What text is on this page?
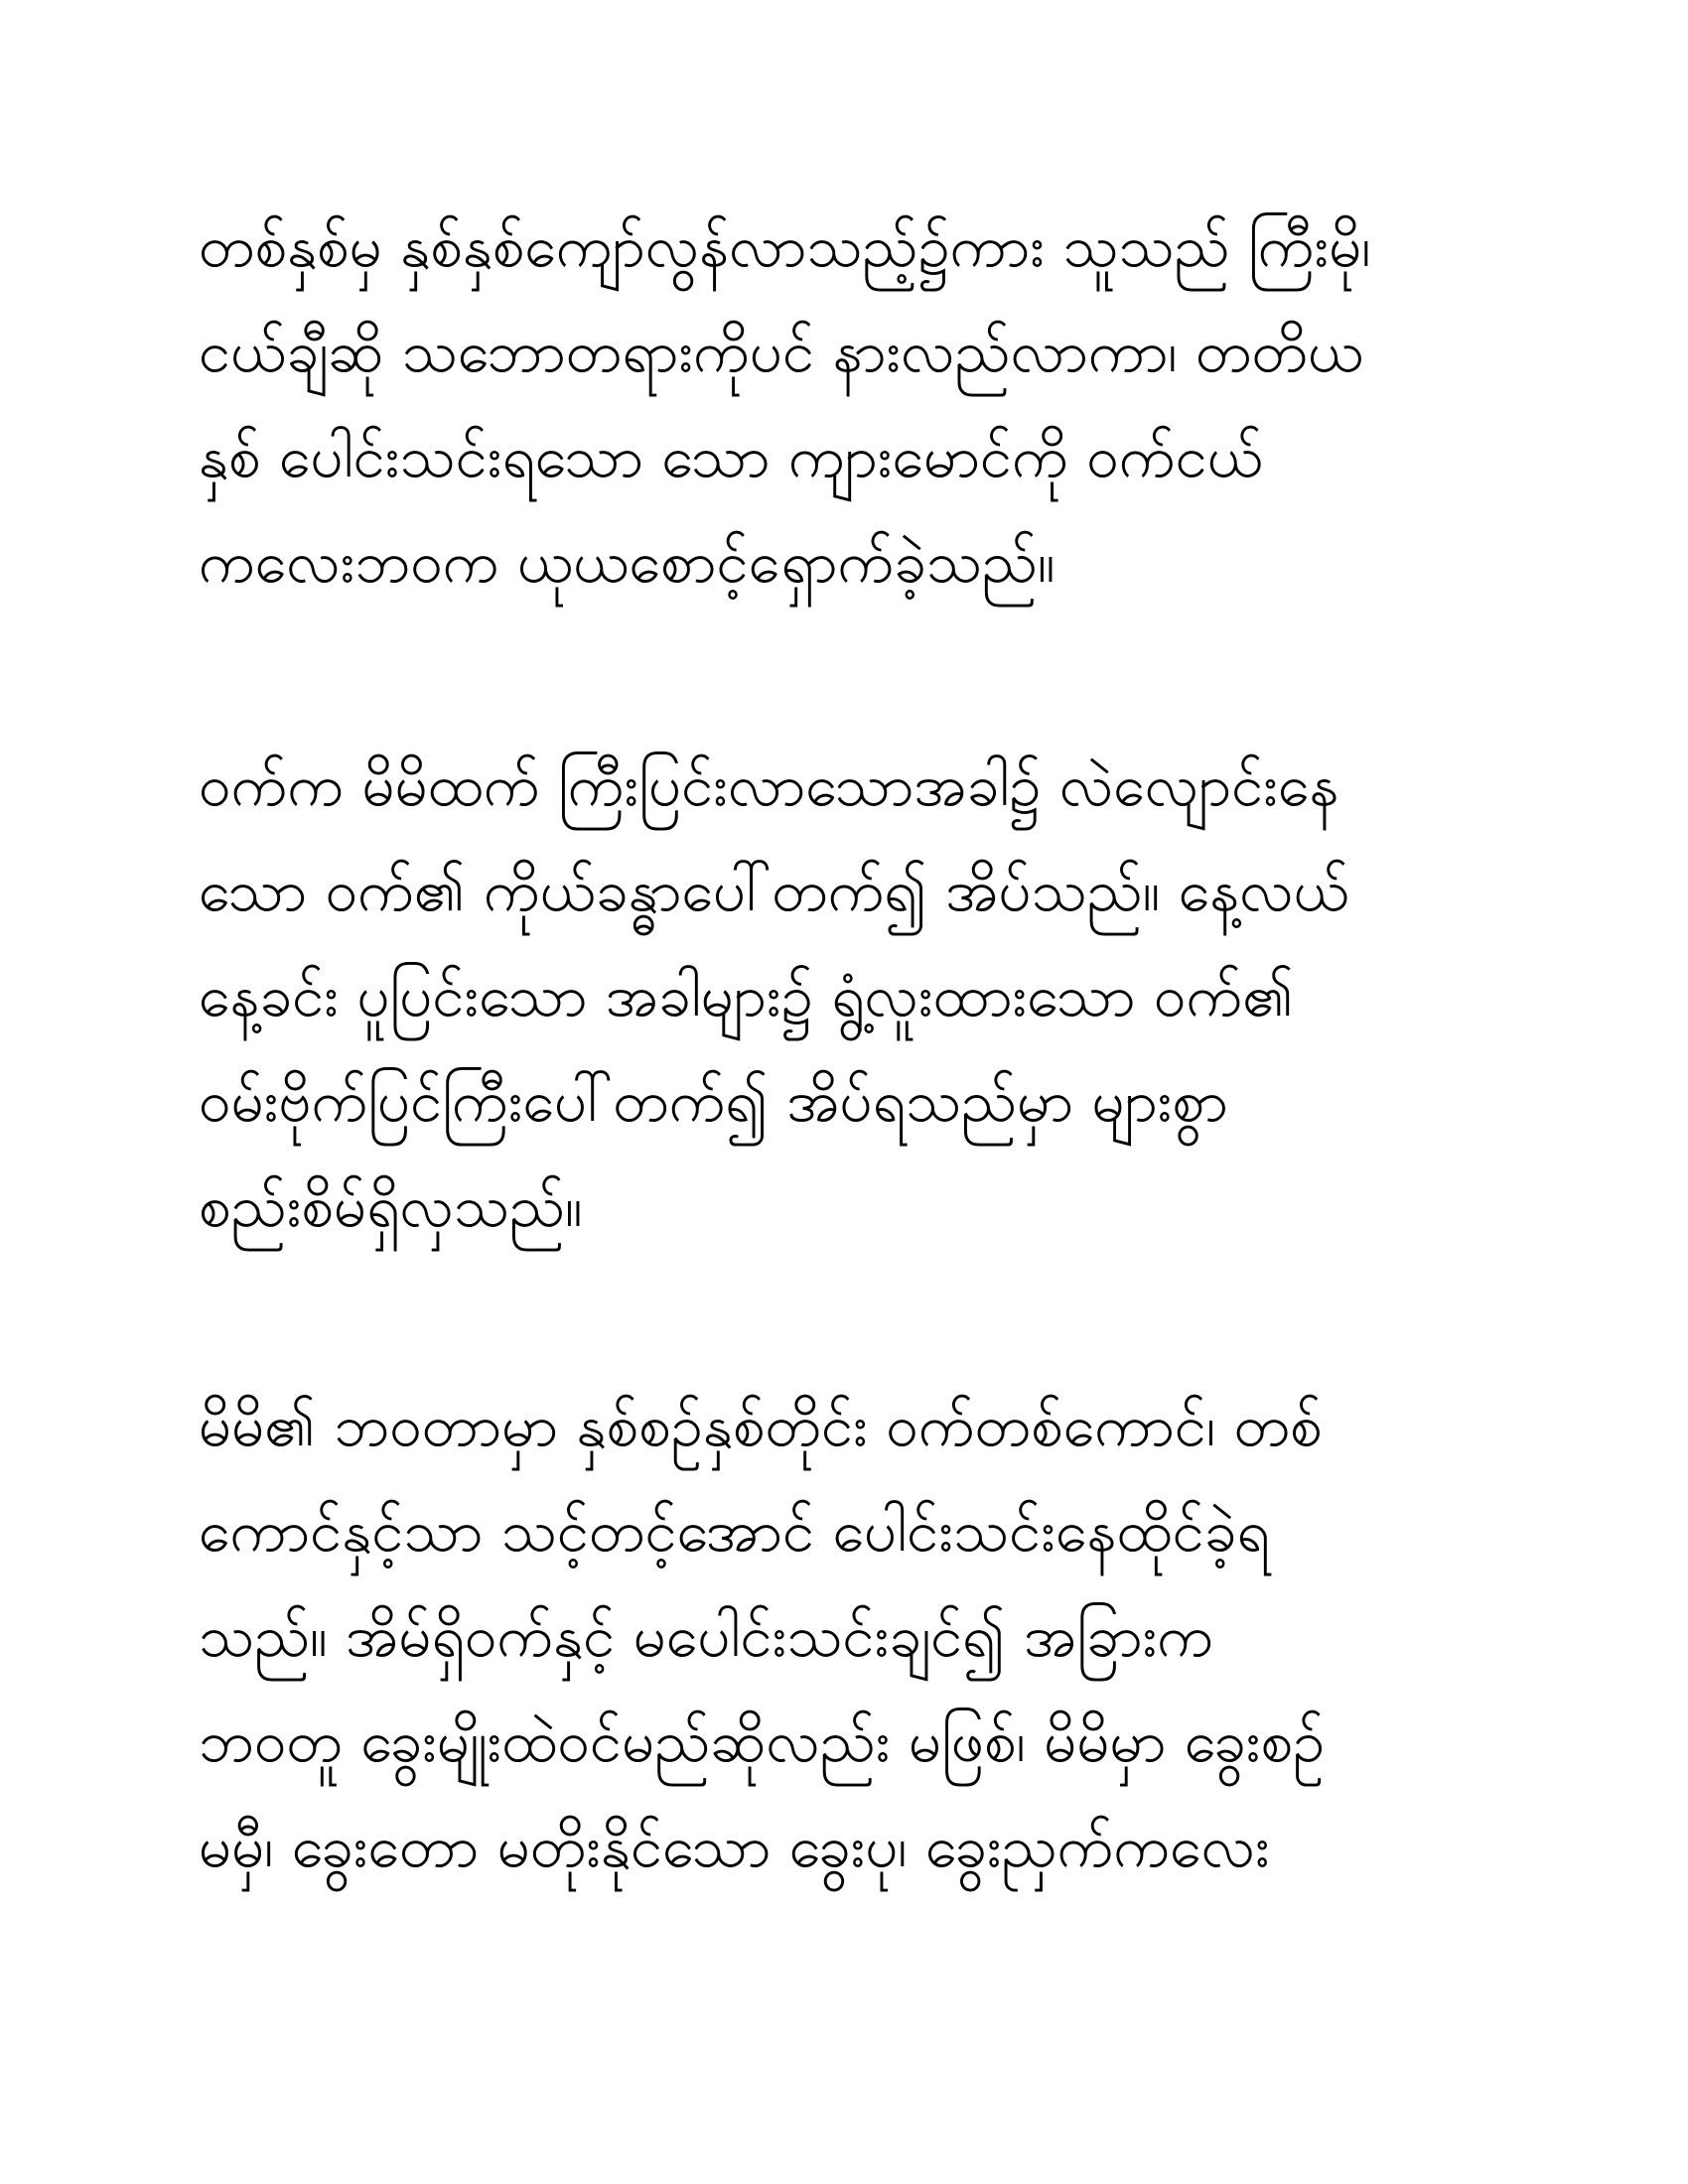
တစ်နှစ်မှ နှစ်နှစ်ကျော်လွန်လာသည့်၌ကား သူသည် ကြီးမို၊
ငယ်ချီဆို သဘောတရားကိုပင် နားလည်လာကာ၊ တတိယ
နှစ် ပေါင်းသင်းရသော သော ကျားမောင်ကို ဝက်ငယ်
ကလေးဘဝက ယုယစောင့်ရှောက်ခဲ့သည်။
ဝက်က မိမိထက် ကြီးပြင်းလာသောအခါ၌ လဲလျောင်းနေ
သော ဝက်၏ ကိုယ်ခန္ဓာပေါ်တက်၍ အိပ်သည်။ နေ့လယ်
နေ့ခင်း ပူပြင်းသော အခါများ၌ ရွံ့လူးထားသော ဝက်၏
ဝမ်းဗိုက်ပြင်ကြီးပေါ်တက်၍ အိပ်ရသည်မှာ များစွာ
စည်းစိမ်ရှိလှသည်။
မိမိ၏ ဘဝတာမှာ နှစ်စဉ်နှစ်တိုင်း ဝက်တစ်ကောင်၊ တစ်
ကောင်နှင့်သာ သင့်တင့်အောင် ပေါင်းသင်းနေထိုင်ခဲ့ရ
သည်။ အိမ်ရှိဝက်နှင့် မပေါင်းသင်းချင်၍ အခြားက
ဘဝတူ ခွေးမျိုးထဲဝင်မည်ဆိုလည်း မဖြစ်၊ မိမိမှာ ခွေးစဉ်
မမှီ၊ ခွေးတော မတိုးနိုင်သော ခွေးပု၊ ခွေးညှက်ကလေး
